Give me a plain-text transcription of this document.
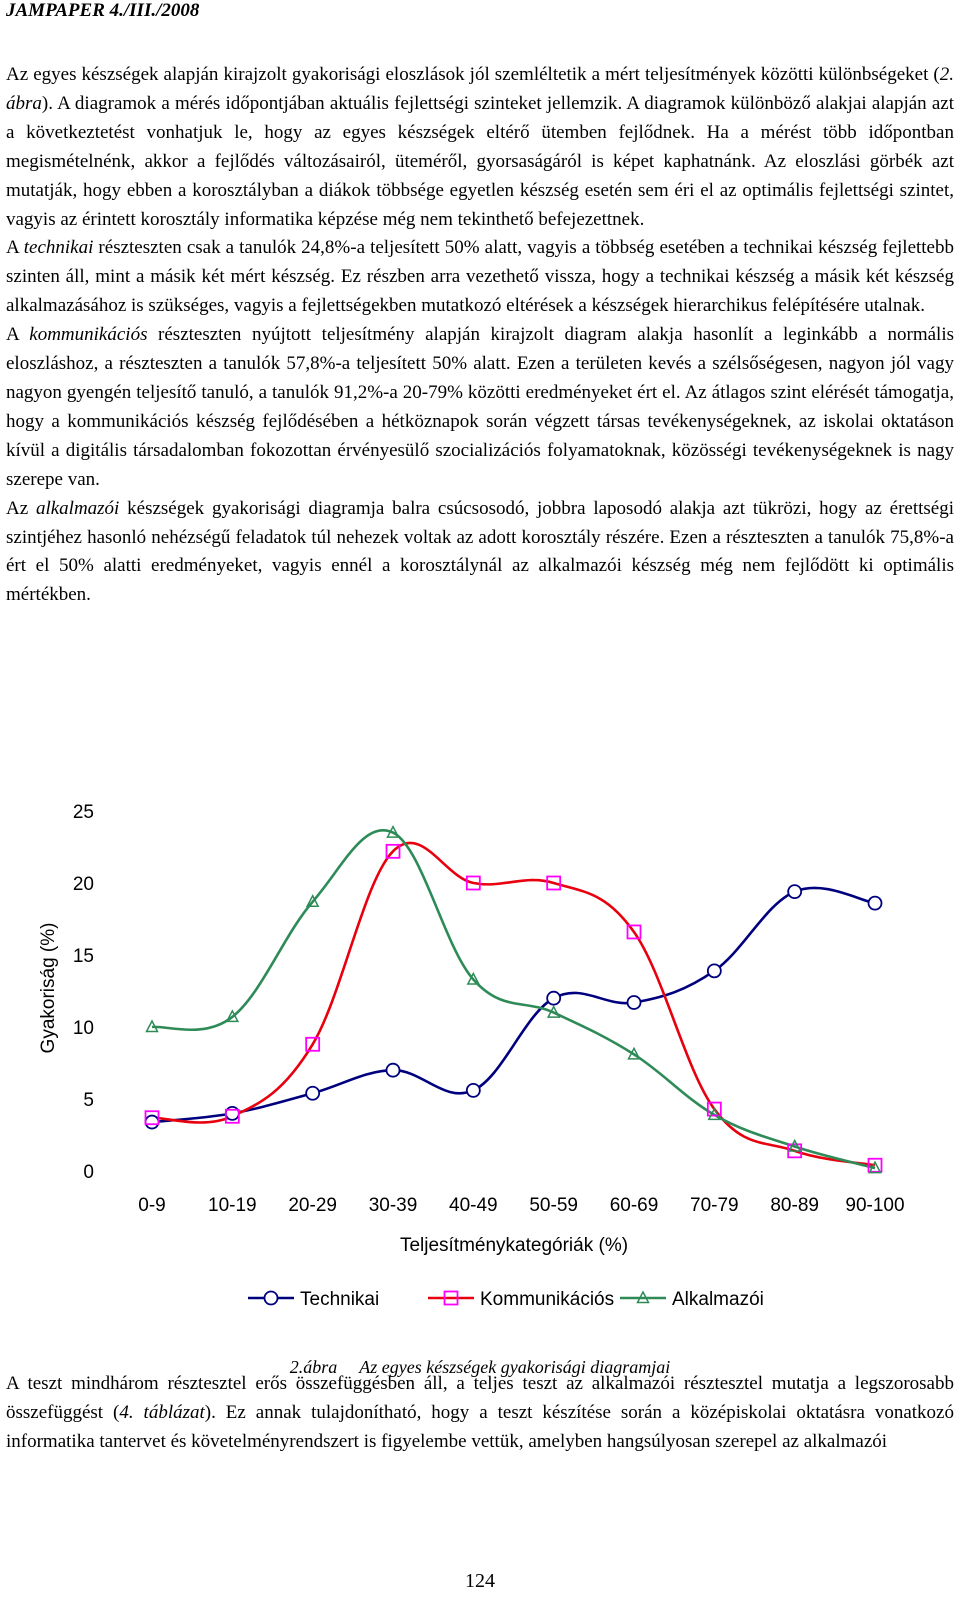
JAMPAPER 4./III./2008

Az egyes készségek alapján kirajzolt gyakorisági eloszlások jól szemléltetik a mért teljesítmények közötti különbségeket (2. ábra). A diagramok a mérés időpontjában aktuális fejlettségi szinteket jellemzik. A diagramok különböző alakjai alapján azt a következtetést vonhatjuk le, hogy az egyes készségek eltérő ütemben fejlődnek. Ha a mérést több időpontban megismételnénk, akkor a fejlődés változásairól, üteméről, gyorsaságáról is képet kaphatnánk. Az eloszlási görbék azt mutatják, hogy ebben a korosztályban a diákok többsége egyetlen készség esetén sem éri el az optimális fejlettségi szintet, vagyis az érintett korosztály informatika képzése még nem tekinthető befejezettnek.

A technikai részteszten csak a tanulók 24,8%-a teljesített 50% alatt, vagyis a többség esetében a technikai készség fejlettebb szinten áll, mint a másik két mért készség. Ez részben arra vezethető vissza, hogy a technikai készség a másik két készség alkalmazásához is szükséges, vagyis a fejlettségekben mutatkozó eltérések a készségek hierarchikus felépítésére utalnak.

A kommunikációs részteszten nyújtott teljesítmény alapján kirajzolt diagram alakja hasonlít a leginkább a normális eloszláshoz, a részteszten a tanulók 57,8%-a teljesített 50% alatt. Ezen a területen kevés a szélsőségesen, nagyon jól vagy nagyon gyengén teljesítő tanuló, a tanulók 91,2%-a 20-79% közötti eredményeket ért el. Az átlagos szint elérését támogatja, hogy a kommunikációs készség fejlődésében a hétköznapok során végzett társas tevékenységeknek, az iskolai oktatáson kívül a digitális társadalomban fokozottan érvényesülő szocializációs folyamatoknak, közösségi tevékenységeknek is nagy szerepe van.

Az alkalmazói készségek gyakorisági diagramja balra csúcsosodó, jobbra laposodó alakja azt tükrözi, hogy az érettségi szintjéhez hasonló nehézségű feladatok túl nehezek voltak az adott korosztály részére. Ezen a részteszten a tanulók 75,8%-a ért el 50% alatti eredményeket, vagyis ennél a korosztálynál az alkalmazói készség még nem fejlődött ki optimális mértékben.

0
5
10
15
20
25
0-9 10-19 20-29 30-39 40-49 50-59 60-69 70-79 80-89 90-100
Gyakoriság (%)
Teljesítménykategóriák (%)
Technikai	Kommunikációs	Alkalmazói
2.ábra Az egyes készségek gyakorisági diagramjai

A teszt mindhárom résztesztel erős összefüggésben áll, a teljes teszt az alkalmazói résztesztel mutatja a legszorosabb összefüggést (4. táblázat). Ez annak tulajdonítható, hogy a teszt készítése során a középiskolai oktatásra vonatkozó informatika tantervet és követelményrendszert is figyelembe vettük, amelyben hangsúlyosan szerepel az alkalmazói

124
